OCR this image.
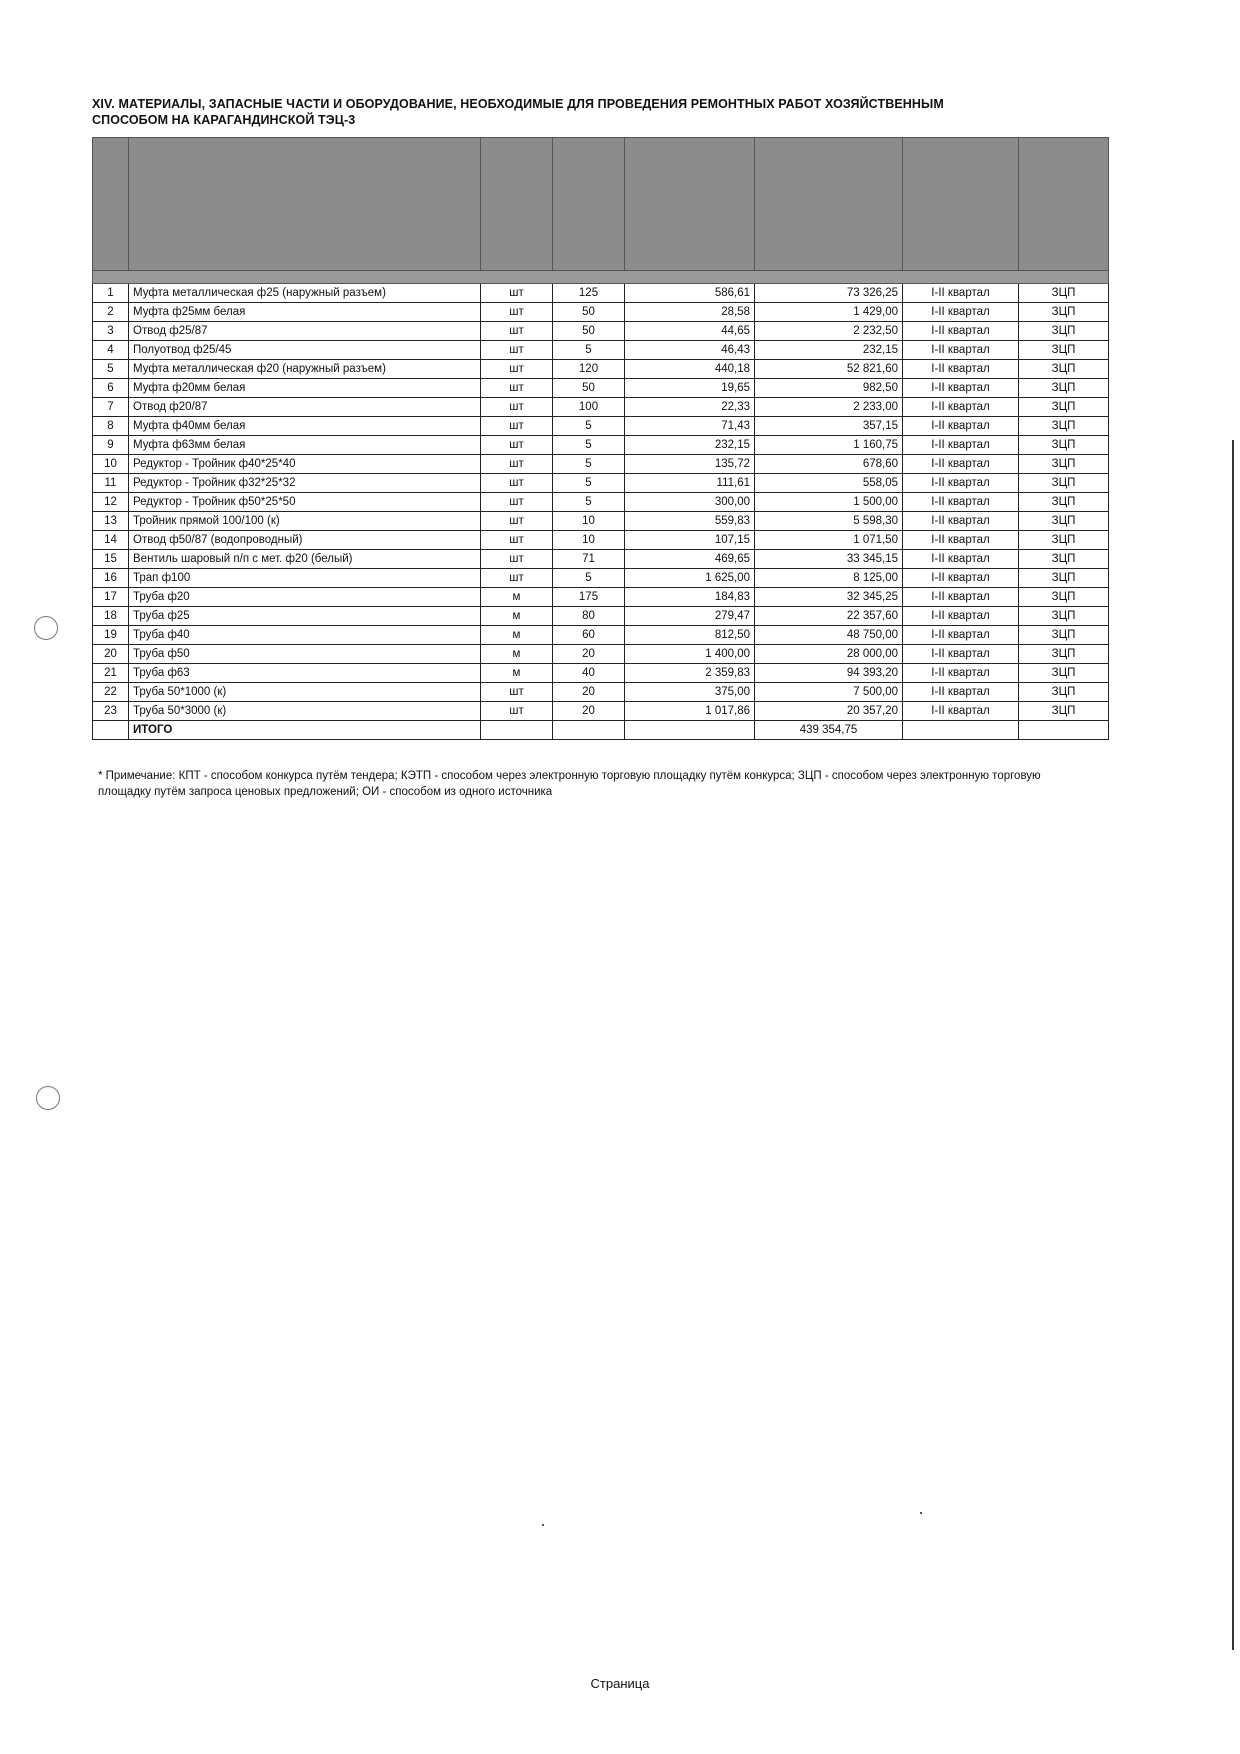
XIV. МАТЕРИАЛЫ, ЗАПАСНЫЕ ЧАСТИ И ОБОРУДОВАНИЕ, НЕОБХОДИМЫЕ ДЛЯ ПРОВЕДЕНИЯ РЕМОНТНЫХ РАБОТ ХОЗЯЙСТВЕННЫМ
СПОСОБОМ НА КАРАГАНДИНСКОЙ ТЭЦ-3

1	Муфта металлическая ф25 (наружный разъем)	шт	125	586,61	73 326,25	I-II квартал	ЗЦП
2	Муфта ф25мм белая	шт	50	28,58	1 429,00	I-II квартал	ЗЦП
3	Отвод ф25/87	шт	50	44,65	2 232,50	I-II квартал	ЗЦП
4	Полуотвод ф25/45	шт	5	46,43	232,15	I-II квартал	ЗЦП
5	Муфта металлическая ф20 (наружный разъем)	шт	120	440,18	52 821,60	I-II квартал	ЗЦП
6	Муфта ф20мм белая	шт	50	19,65	982,50	I-II квартал	ЗЦП
7	Отвод ф20/87	шт	100	22,33	2 233,00	I-II квартал	ЗЦП
8	Муфта ф40мм белая	шт	5	71,43	357,15	I-II квартал	ЗЦП
9	Муфта ф63мм белая	шт	5	232,15	1 160,75	I-II квартал	ЗЦП
10	Редуктор - Тройник ф40*25*40	шт	5	135,72	678,60	I-II квартал	ЗЦП
11	Редуктор - Тройник ф32*25*32	шт	5	111,61	558,05	I-II квартал	ЗЦП
12	Редуктор - Тройник ф50*25*50	шт	5	300,00	1 500,00	I-II квартал	ЗЦП
13	Тройник прямой 100/100 (к)	шт	10	559,83	5 598,30	I-II квартал	ЗЦП
14	Отвод ф50/87 (водопроводный)	шт	10	107,15	1 071,50	I-II квартал	ЗЦП
15	Вентиль шаровый п/п с мет. ф20 (белый)	шт	71	469,65	33 345,15	I-II квартал	ЗЦП
16	Трап ф100	шт	5	1 625,00	8 125,00	I-II квартал	ЗЦП
17	Труба ф20	м	175	184,83	32 345,25	I-II квартал	ЗЦП
18	Труба ф25	м	80	279,47	22 357,60	I-II квартал	ЗЦП
19	Труба ф40	м	60	812,50	48 750,00	I-II квартал	ЗЦП
20	Труба ф50	м	20	1 400,00	28 000,00	I-II квартал	ЗЦП
21	Труба ф63	м	40	2 359,83	94 393,20	I-II квартал	ЗЦП
22	Труба 50*1000 (к)	шт	20	375,00	7 500,00	I-II квартал	ЗЦП
23	Труба 50*3000 (к)	шт	20	1 017,86	20 357,20	I-II квартал	ЗЦП
	ИТОГО				439 354,75		
* Примечание: КПТ - способом конкурса путём тендера; КЭТП - способом через электронную торговую площадку путём конкурса; ЗЦП - способом через электронную торговую площадку путём запроса ценовых предложений; ОИ - способом из одного источника
Страница
